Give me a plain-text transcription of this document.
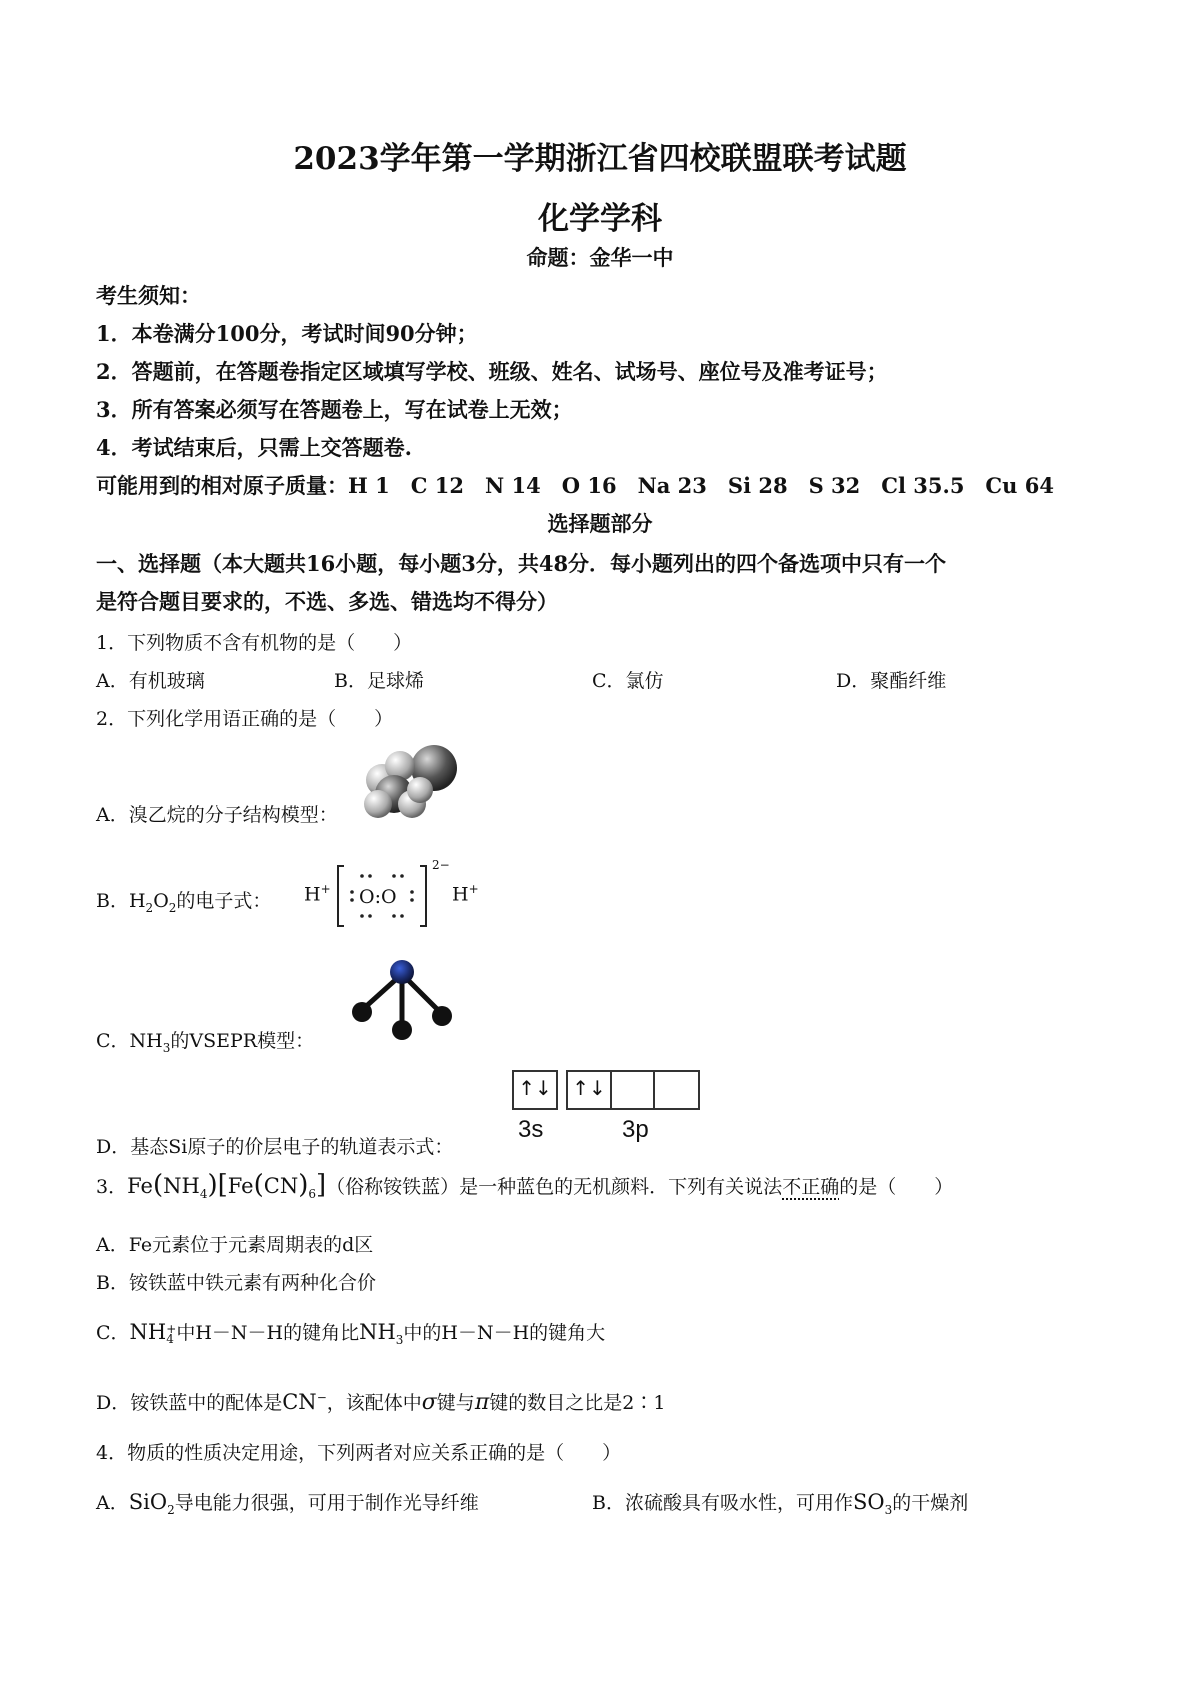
2023学年第一学期浙江省四校联盟联考试题
化学学科
命题：金华一中
考生须知：
1．本卷满分100分，考试时间90分钟；
2．答题前，在答题卷指定区域填写学校、班级、姓名、试场号、座位号及准考证号；
3．所有答案必须写在答题卷上，写在试卷上无效；
4．考试结束后，只需上交答题卷.
可能用到的相对原子质量：H 1　C 12　N 14　O 16　Na 23　Si 28　S 32　Cl 35.5　Cu 64
选择题部分
一、选择题（本大题共16小题，每小题3分，共48分．每小题列出的四个备选项中只有一个
是符合题目要求的，不选、多选、错选均不得分）
1．下列物质不含有机物的是（　　）
A．有机玻璃	B．足球烯	C．氯仿	D．聚酯纤维
2．下列化学用语正确的是（　　）
A．溴乙烷的分子结构模型：
B．$H_2O_2$的电子式： H+ O:O
2−
H+
C．$NH_3$的VSEPR模型：
D．基态Si原子的价层电子的轨道表示式：
↑↓ ↑↓
3s	3p
3．$Fe(NH_4)[Fe(CN)_6]$（俗称铵铁蓝）是一种蓝色的无机颜料．下列有关说法不正确的是（　　）
A．Fe元素位于元素周期表的d区
B．铵铁蓝中铁元素有两种化合价
C．NH +
4 中H－N－H的键角比$NH_3$中的H－N－H的键角大
D．铵铁蓝中的配体是CN−，该配体中σ键与π键的数目之比是2∶1
4．物质的性质决定用途，下列两者对应关系正确的是（　　）
A．SiO$_2$导电能力很强，可用于制作光导纤维	B．浓硫酸具有吸水性，可用作$SO_3$的干燥剂
